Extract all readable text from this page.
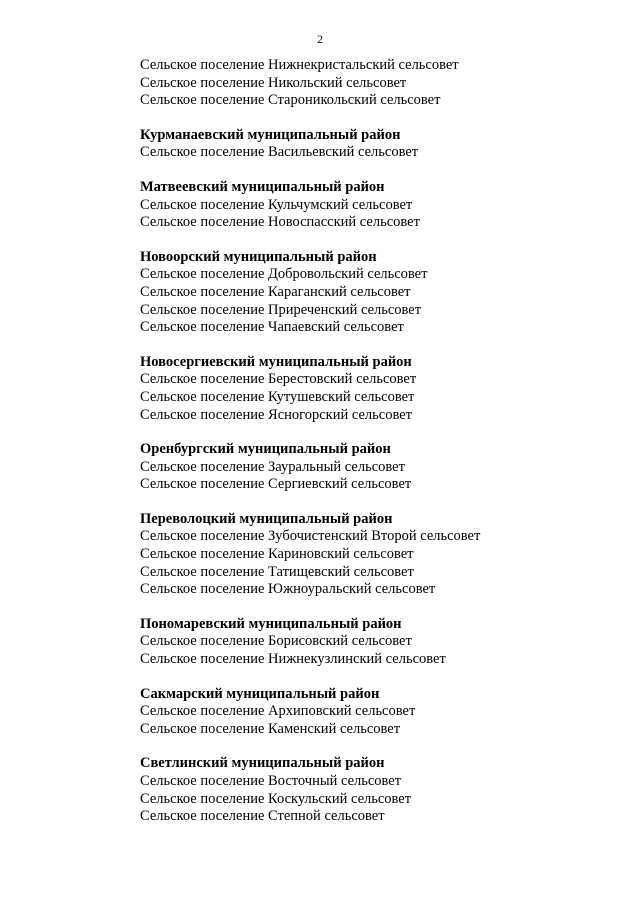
2
Сельское поселение Нижнекристальский сельсовет
Сельское поселение Никольский сельсовет
Сельское поселение Староникольский сельсовет
Курманаевский муниципальный район
Сельское поселение Васильевский сельсовет
Матвеевский муниципальный район
Сельское поселение Кульчумский сельсовет
Сельское поселение Новоспасский сельсовет
Новоорский муниципальный район
Сельское поселение Добровольский сельсовет
Сельское поселение Караганский сельсовет
Сельское поселение Приреченский сельсовет
Сельское поселение Чапаевский сельсовет
Новосергиевский муниципальный район
Сельское поселение Берестовский сельсовет
Сельское поселение Кутушевский сельсовет
Сельское поселение Ясногорский сельсовет
Оренбургский муниципальный район
Сельское поселение Зауральный сельсовет
Сельское поселение Сергиевский сельсовет
Переволоцкий муниципальный район
Сельское поселение Зубочистенский Второй сельсовет
Сельское поселение Кариновский сельсовет
Сельское поселение Татищевский сельсовет
Сельское поселение Южноуральский сельсовет
Пономаревский муниципальный район
Сельское поселение Борисовский сельсовет
Сельское поселение Нижнекузлинский сельсовет
Сакмарский муниципальный район
Сельское поселение Архиповский сельсовет
Сельское поселение Каменский сельсовет
Светлинский муниципальный район
Сельское поселение Восточный сельсовет
Сельское поселение Коскульский сельсовет
Сельское поселение Степной сельсовет
